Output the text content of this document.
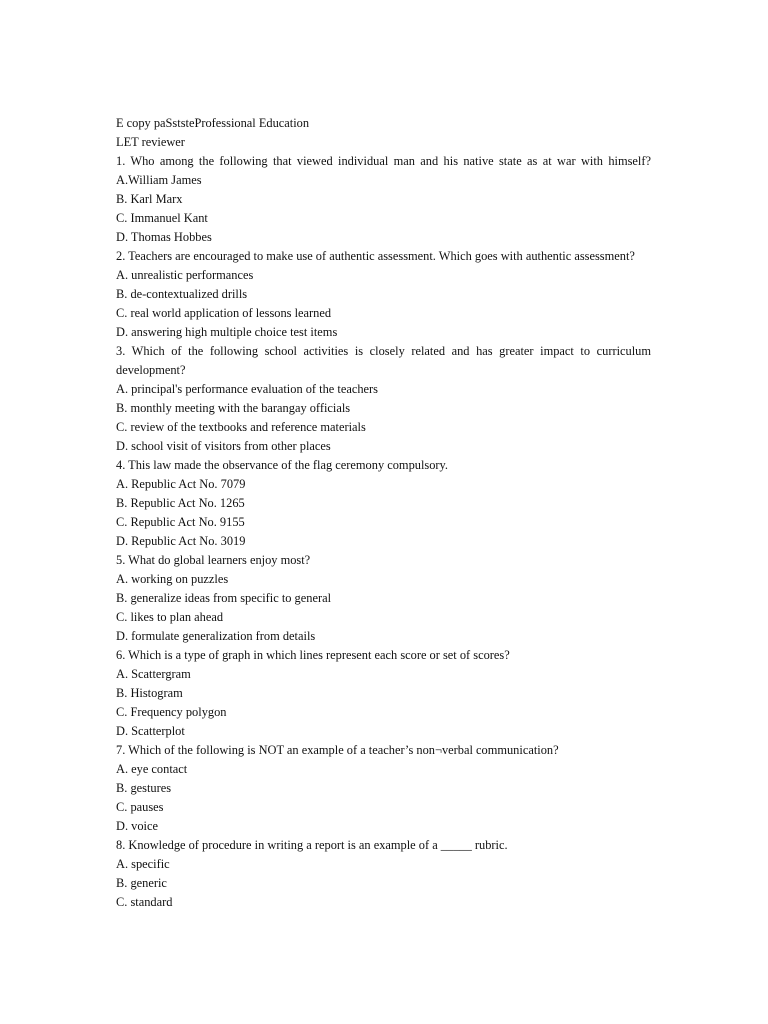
E copy paSststeProfessional Education
LET reviewer
1. Who among the following that viewed individual man and his native state as at war with himself? A.William James
B. Karl Marx
C. Immanuel Kant
D. Thomas Hobbes
2. Teachers are encouraged to make use of authentic assessment. Which goes with authentic assessment?
A. unrealistic performances
B. de-contextualized drills
C. real world application of lessons learned
D. answering high multiple choice test items
3. Which of the following school activities is closely related and has greater impact to curriculum development?
A. principal's performance evaluation of the teachers
B. monthly meeting with the barangay officials
C. review of the textbooks and reference materials
D. school visit of visitors from other places
4. This law made the observance of the flag ceremony compulsory.
A. Republic Act No. 7079
B. Republic Act No. 1265
C. Republic Act No. 9155
D. Republic Act No. 3019
5. What do global learners enjoy most?
A. working on puzzles
B. generalize ideas from specific to general
C. likes to plan ahead
D. formulate generalization from details
6. Which is a type of graph in which lines represent each score or set of scores?
A. Scattergram
B. Histogram
C. Frequency polygon
D. Scatterplot
7. Which of the following is NOT an example of a teacher’s non¬verbal communication?
A. eye contact
B. gestures
C. pauses
D. voice
8. Knowledge of procedure in writing a report is an example of a _____ rubric.
A. specific
B. generic
C. standard
